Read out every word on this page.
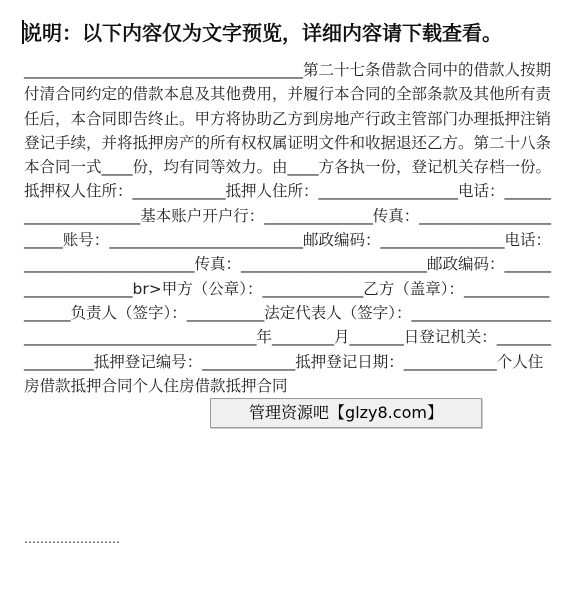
说明：以下内容仅为文字预览，详细内容请下载查看。

____________________________________第二十七条借款合同中的借款人按期付清合同约定的借款本息及其他费用，并履行本合同的全部条款及其他所有责任后，本合同即告终止。甲方将协助乙方到房地产行政主管部门办理抵押注销登记手续，并将抵押房产的所有权权属证明文件和收据退还乙方。第二十八条本合同一式____份，均有同等效力。由____方各执一份，登记机关存档一份。抵押权人住所：____________抵押人住所：__________________电话：_____________________基本账户开户行：______________传真：______________________账号：_________________________邮政编码：________________电话：______________________传真：________________________邮政编码：____________________br>甲方（公章）：_____________乙方（盖章）：_________________负责人（签字）：__________法定代表人（签字）：________________________________________________年________月_______日登记机关：________________抵押登记编号：____________抵押登记日期：____________个人住房借款抵押合同个人住房借款抵押合同

管理资源吧【glzy8.com】
……………………
